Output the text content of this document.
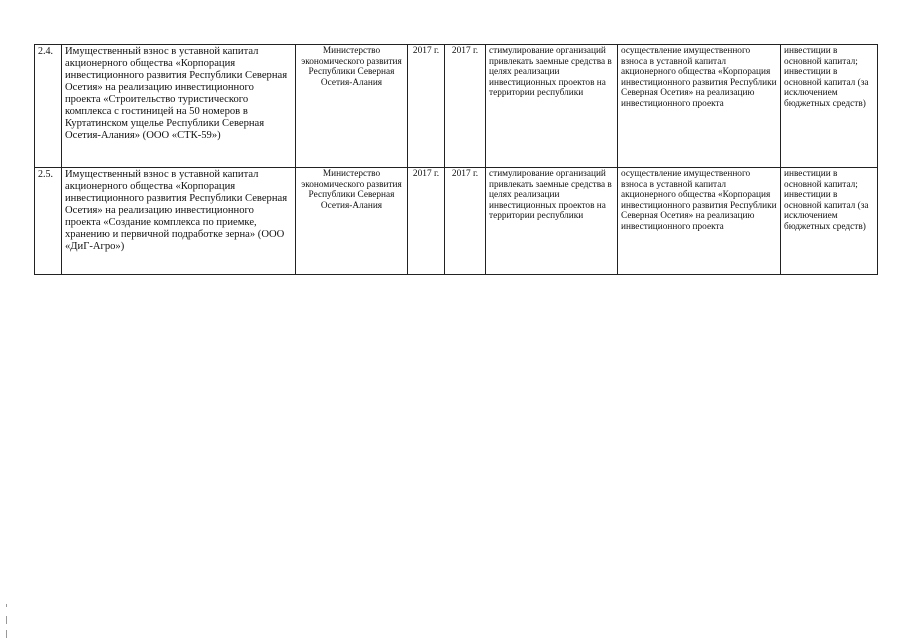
2.4.	Имущественный взнос в уставной капитал акционерного общества «Корпорация инвестиционного развития Республики Северная Осетия» на реализацию инвестиционного проекта «Строительство туристического комплекса с гостиницей на 50 номеров в Куртатинском ущелье Республики Северная Осетия-Алания» (ООО «СТК-59»)	Министерство экономического развития Республики Северная Осетия-Алания	2017 г.	2017 г.	стимулирование организаций привлекать заемные средства в целях реализации инвестиционных проектов на территории республики	осуществление имущественного взноса в уставной капитал акционерного общества «Корпорация инвестиционного развития Республики Северная Осетия» на реализацию инвестиционного проекта	инвестиции в основной капитал; инвестиции в основной капитал (за исключением бюджетных средств)
2.5.	Имущественный взнос в уставной капитал акционерного общества «Корпорация инвестиционного развития Республики Северная Осетия» на реализацию инвестиционного проекта «Создание комплекса по приемке, хранению и первичной подработке зерна» (ООО «ДиГ-Агро»)	Министерство экономического развития Республики Северная Осетия-Алания	2017 г.	2017 г.	стимулирование организаций привлекать заемные средства в целях реализации инвестиционных проектов на территории республики	осуществление имущественного взноса в уставной капитал акционерного общества «Корпорация инвестиционного развития Республики Северная Осетия» на реализацию инвестиционного проекта	инвестиции в основной капитал; инвестиции в основной капитал (за исключением бюджетных средств)
